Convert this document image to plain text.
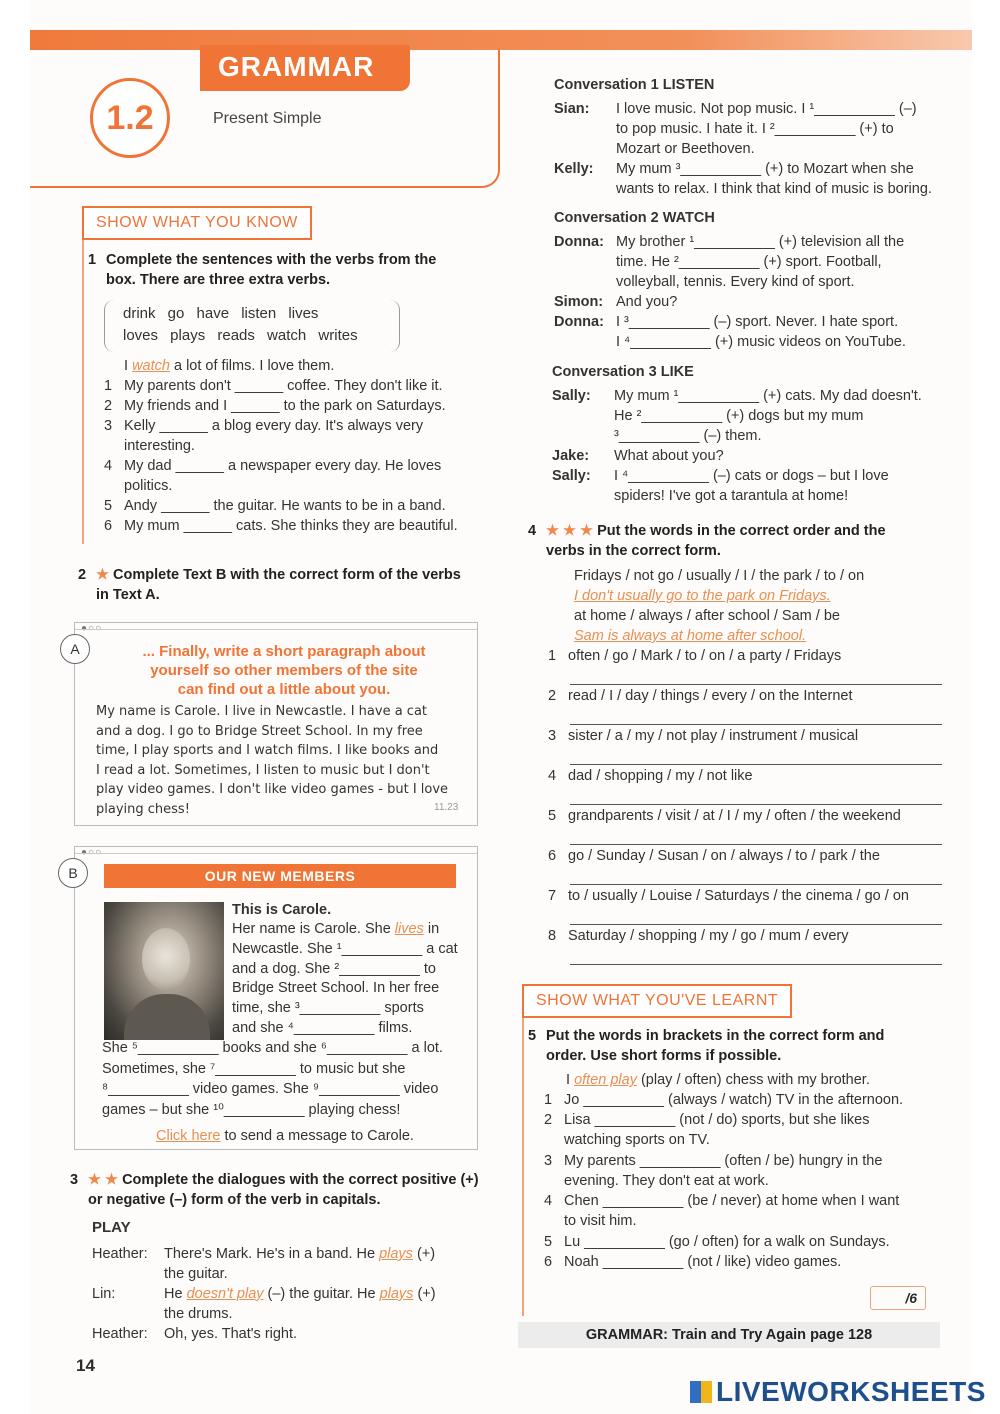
GRAMMAR
1.2	Present Simple
SHOW WHAT YOU KNOW
1 Complete the sentences with the verbs from the
box. There are three extra verbs.
drink go have listen lives
loves plays reads watch writes
I watch a lot of films. I love them.
1 My parents don't ______ coffee. They don't like it.
2 My friends and I ______ to the park on Saturdays.
3 Kelly ______ a blog every day. It's always very
interesting.
4 My dad ______ a newspaper every day. He loves
politics.
5 Andy ______ the guitar. He wants to be in a band.
6 My mum ______ cats. She thinks they are beautiful.
2 ★ Complete Text B with the correct form of the verbs
in Text A.
●○○
A	... Finally, write a short paragraph about
yourself so other members of the site
can find out a little about you.
My name is Carole. I live in Newcastle. I have a cat
and a dog. I go to Bridge Street School. In my free
time, I play sports and I watch films. I like books and
I read a lot. Sometimes, I listen to music but I don't
play video games. I don't like video games - but I love
playing chess!	11.23
●○○
B	OUR NEW MEMBERS
This is Carole.
Her name is Carole. She lives in
Newcastle. She ¹__________ a cat
and a dog. She ²__________ to
Bridge Street School. In her free
time, she ³__________ sports
and she ⁴__________ films.
She ⁵__________ books and she ⁶__________ a lot.
Sometimes, she ⁷__________ to music but she
⁸__________ video games. She ⁹__________ video
games – but she ¹⁰__________ playing chess!
Click here to send a message to Carole.
3 ★ ★ Complete the dialogues with the correct positive (+)
or negative (–) form of the verb in capitals.
PLAY
Heather: There's Mark. He's in a band. He plays (+)
the guitar.
Lin:	He doesn't play (–) the guitar. He plays (+)
the drums.
Heather: Oh, yes. That's right.
Conversation 1 LISTEN
Sian: I love music. Not pop music. I ¹__________ (–)
to pop music. I hate it. I ²__________ (+) to
Mozart or Beethoven.
Kelly: My mum ³__________ (+) to Mozart when she
wants to relax. I think that kind of music is boring.
Conversation 2 WATCH
Donna: My brother ¹__________ (+) television all the
time. He ²__________ (+) sport. Football,
volleyball, tennis. Every kind of sport.
Simon: And you?
Donna: I ³__________ (–) sport. Never. I hate sport.
I ⁴__________ (+) music videos on YouTube.
Conversation 3 LIKE
Sally: My mum ¹__________ (+) cats. My dad doesn't.
He ²__________ (+) dogs but my mum
³__________ (–) them.
Jake: What about you?
Sally: I ⁴__________ (–) cats or dogs – but I love
spiders! I've got a tarantula at home!
4 ★ ★ ★ Put the words in the correct order and the
verbs in the correct form.
Fridays / not go / usually / I / the park / to / on
I don't usually go to the park on Fridays.
at home / always / after school / Sam / be
Sam is always at home after school.
1 often / go / Mark / to / on / a party / Fridays
2 read / I / day / things / every / on the Internet
3 sister / a / my / not play / instrument / musical
4 dad / shopping / my / not like
5 grandparents / visit / at / I / my / often / the weekend
6 go / Sunday / Susan / on / always / to / park / the
7 to / usually / Louise / Saturdays / the cinema / go / on
8 Saturday / shopping / my / go / mum / every
SHOW WHAT YOU'VE LEARNT
5 Put the words in brackets in the correct form and
order. Use short forms if possible.
I often play (play / often) chess with my brother.
1 Jo __________ (always / watch) TV in the afternoon.
2 Lisa __________ (not / do) sports, but she likes
watching sports on TV.
3 My parents __________ (often / be) hungry in the
evening. They don't eat at work.
4 Chen __________ (be / never) at home when I want
to visit him.
5 Lu __________ (go / often) for a walk on Sundays.
6 Noah __________ (not / like) video games.
/6
GRAMMAR: Train and Try Again page 128
14
LIVEWORKSHEETS
